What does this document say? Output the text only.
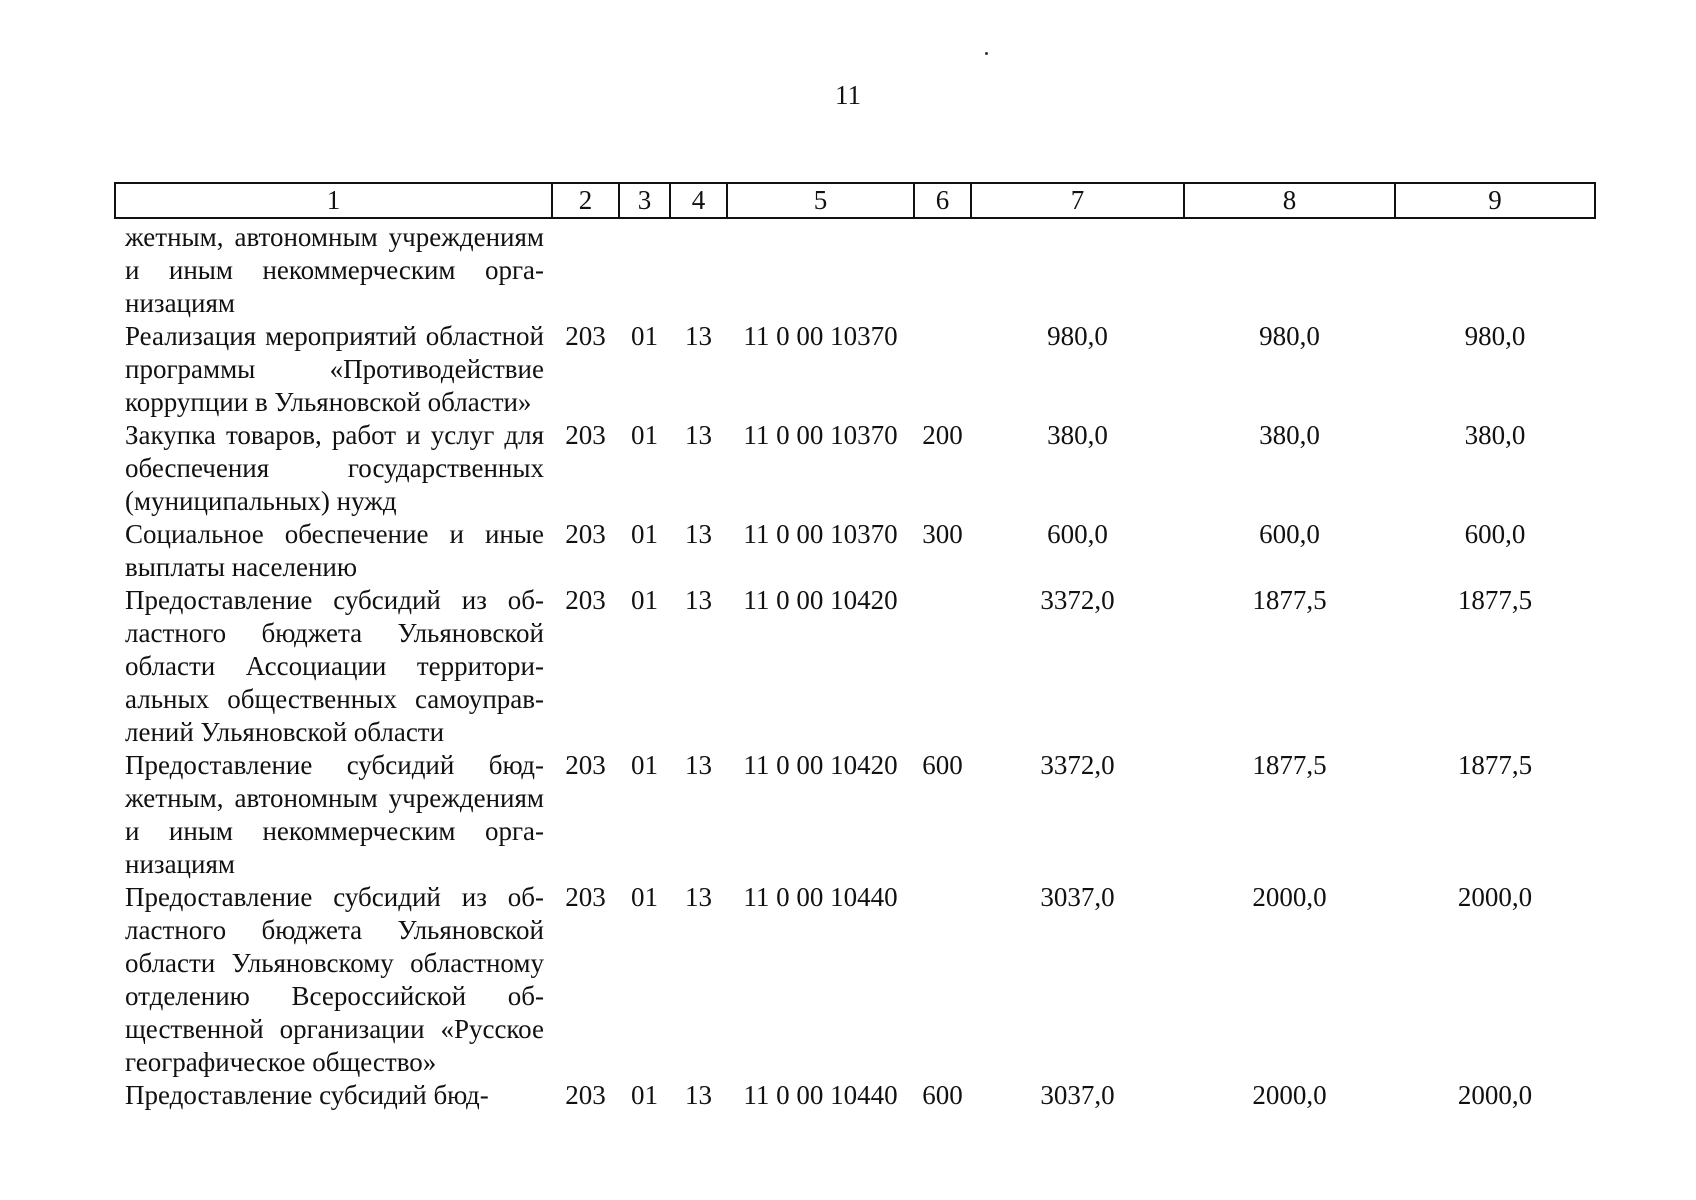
11
1	2	3	4	5	6	7	8	9
жетным, автономным учреждениям и иным некоммерческим организациям								
Реализация мероприятий областной программы «Противодействие коррупции в Ульяновской области»	203	01	13	11 0 00 10370		980,0	980,0	980,0
Закупка товаров, работ и услуг для обеспечения государственных (муниципальных) нужд	203	01	13	11 0 00 10370	200	380,0	380,0	380,0
Социальное обеспечение и иные выплаты населению	203	01	13	11 0 00 10370	300	600,0	600,0	600,0
Предоставление субсидий из областного бюджета Ульяновской области Ассоциации территориальных общественных самоуправлений Ульяновской области	203	01	13	11 0 00 10420		3372,0	1877,5	1877,5
Предоставление субсидий бюджетным, автономным учреждениям и иным некоммерческим организациям	203	01	13	11 0 00 10420	600	3372,0	1877,5	1877,5
Предоставление субсидий из областного бюджета Ульяновской области Ульяновскому областному отделению Всероссийской общественной организации «Русское географическое общество»	203	01	13	11 0 00 10440		3037,0	2000,0	2000,0
Предоставление субсидий бюд-	203	01	13	11 0 00 10440	600	3037,0	2000,0	2000,0
